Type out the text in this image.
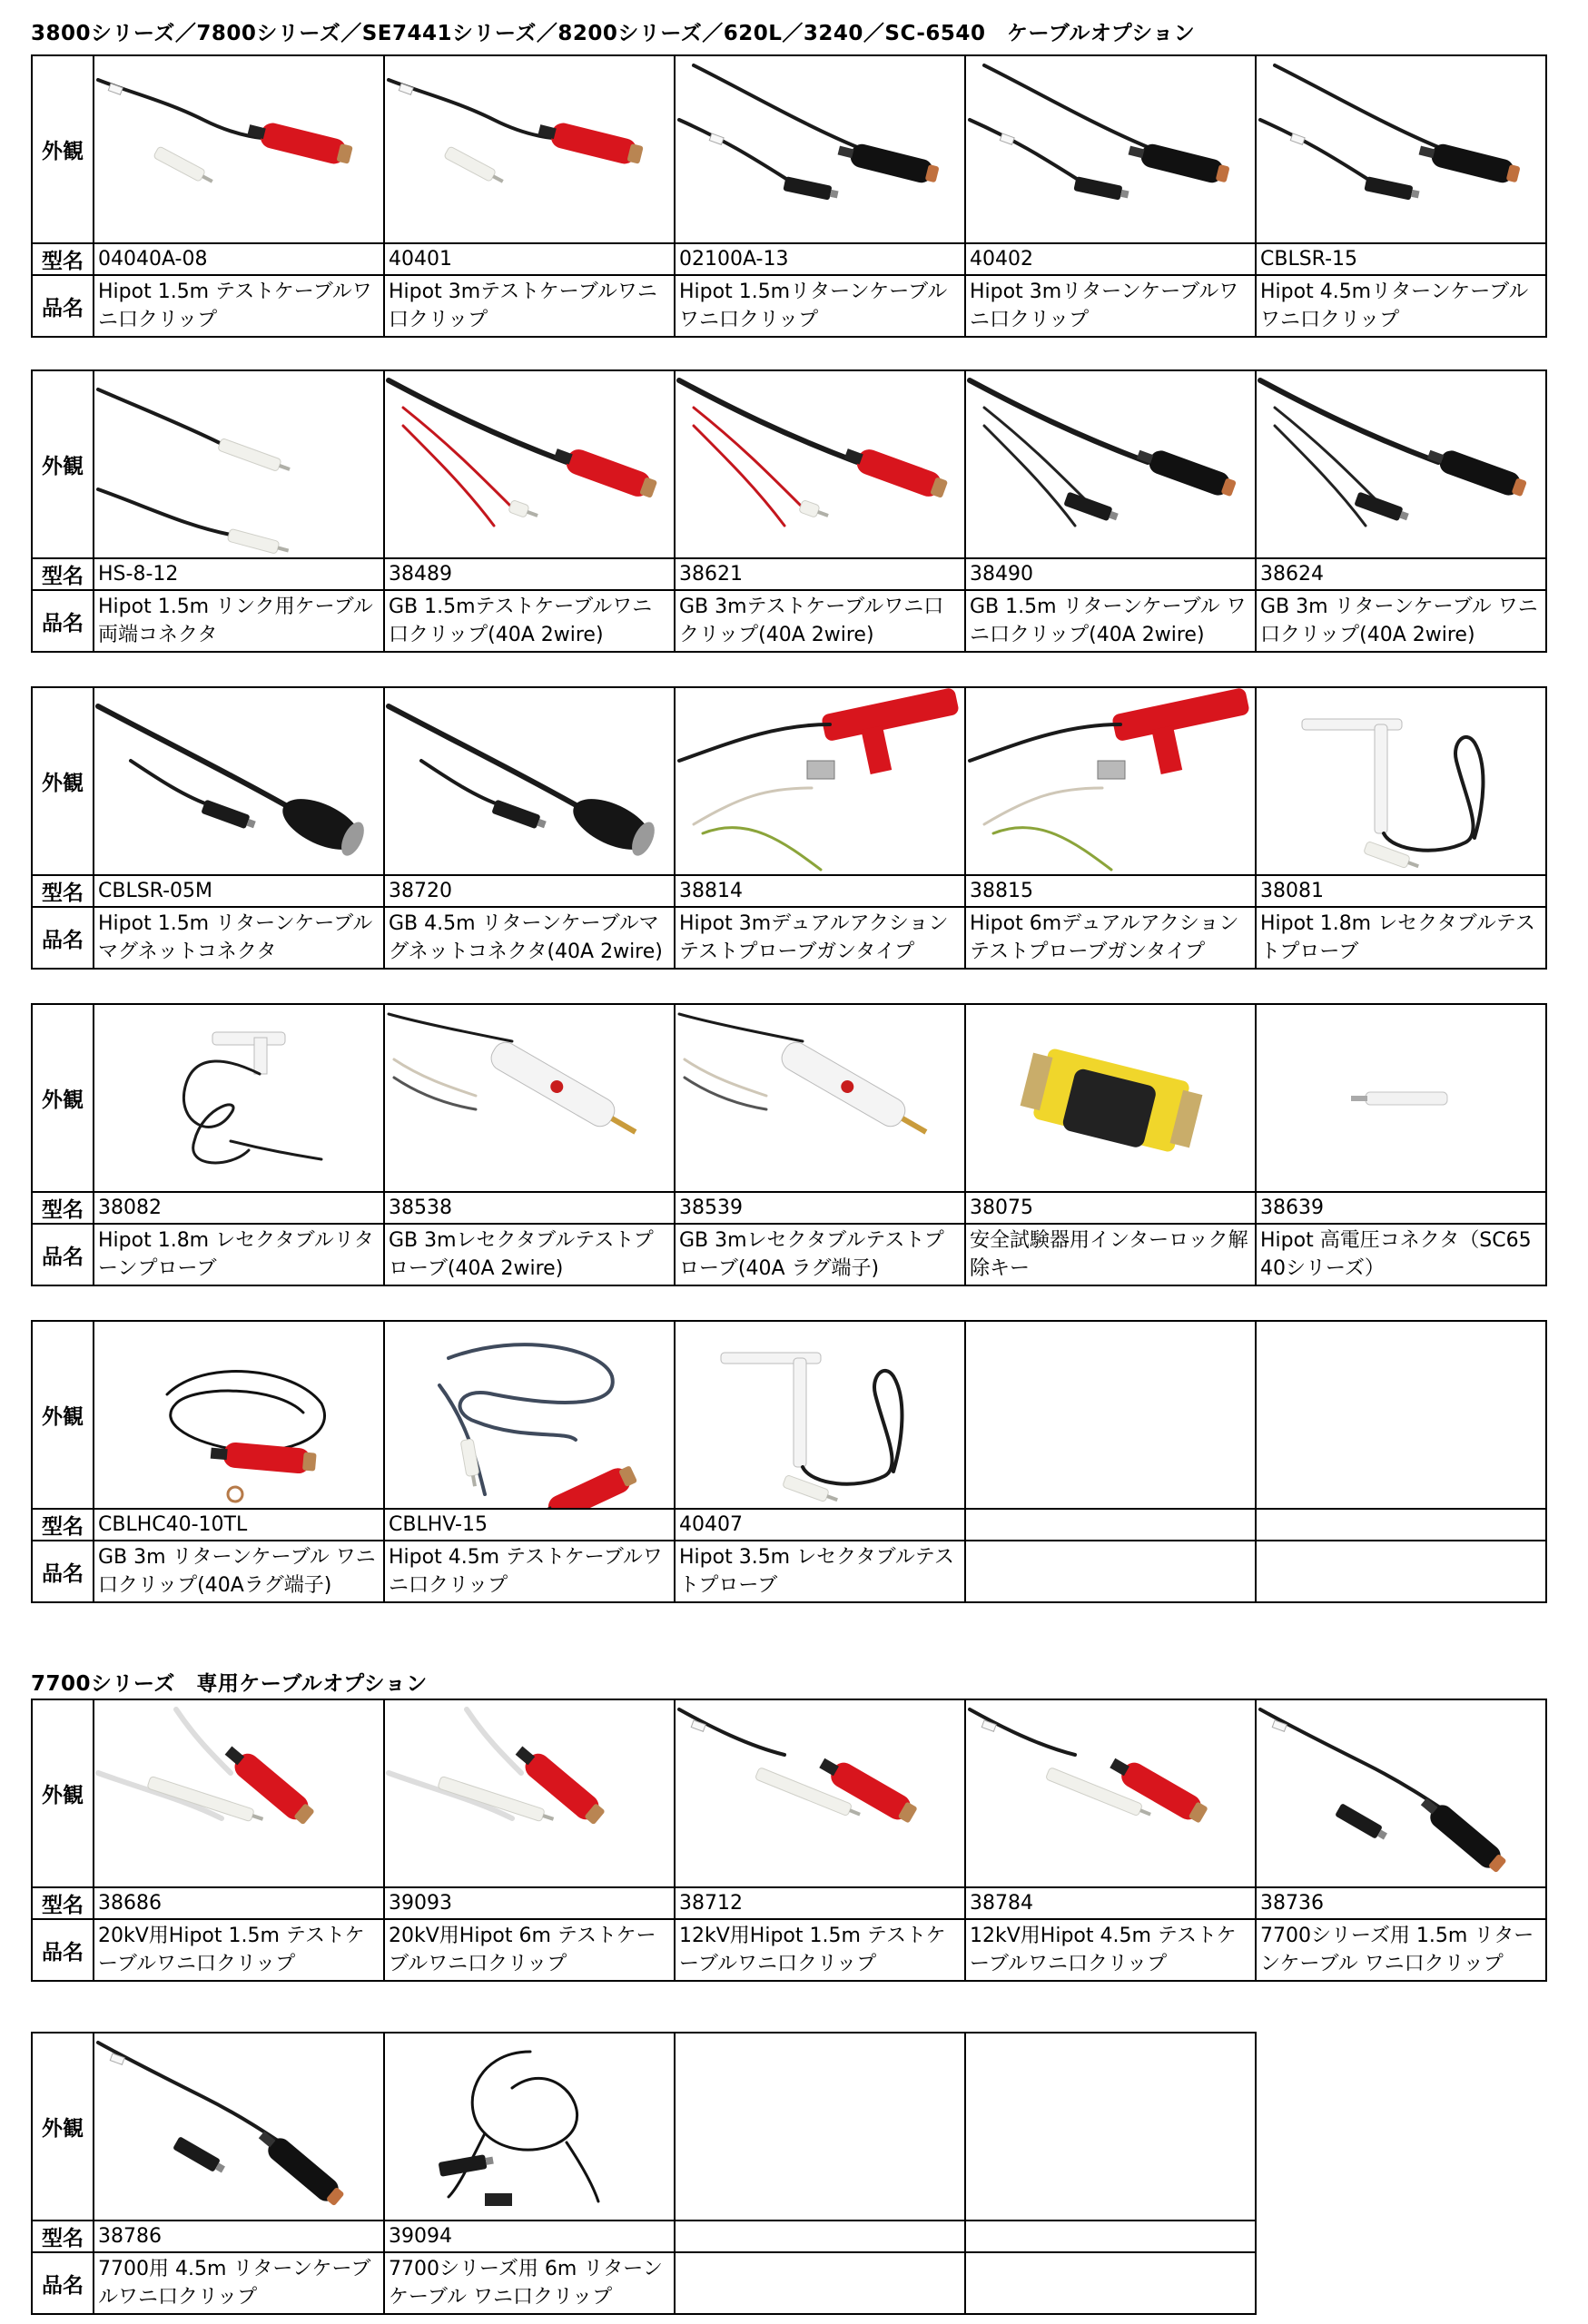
3800シリーズ／7800シリーズ／SE7441シリーズ／8200シリーズ／620L／3240／SC-6540　ケーブルオプション
7700シリーズ　専用ケーブルオプション
外観	

型名	04040A-08	40401	02100A-13	40402	CBLSR-15

品名	Hipot 1.5m テストケーブルワニ口クリップ	Hipot 3mテストケーブルワニ口クリップ	Hipot 1.5mリターンケーブルワニ口クリップ	Hipot 3mリターンケーブルワニ口クリップ	Hipot 4.5mリターンケーブルワニ口クリップ
外観	

型名	HS-8-12	38489	38621	38490	38624

品名	Hipot 1.5m リンク用ケーブル両端コネクタ	GB 1.5mテストケーブルワニ口クリップ(40A 2wire)	GB 3mテストケーブルワニ口クリップ(40A 2wire)	GB 1.5m リターンケーブル ワニ口クリップ(40A 2wire)	GB 3m リターンケーブル ワニ口クリップ(40A 2wire)
外観	

型名	CBLSR-05M	38720	38814	38815	38081

品名	Hipot 1.5m リターンケーブルマグネットコネクタ	GB 4.5m リターンケーブルマグネットコネクタ(40A 2wire)	Hipot 3mデュアルアクションテストプローブガンタイプ	Hipot 6mデュアルアクションテストプローブガンタイプ	Hipot 1.8m レセクタブルテストプローブ
外観	

型名	38082	38538	38539	38075	38639

品名	Hipot 1.8m レセクタブルリターンプローブ	GB 3mレセクタブルテストプローブ(40A 2wire)	GB 3mレセクタブルテストプローブ(40A ラグ端子)	安全試験器用インターロック解除キー	Hipot 高電圧コネクタ（SC6540シリーズ）
外観	

型名	CBLHC40-10TL	CBLHV-15	40407		

品名	GB 3m リターンケーブル ワニ口クリップ(40Aラグ端子)	Hipot 4.5m テストケーブルワニ口クリップ	Hipot 3.5m レセクタブルテストプローブ		

外観	

型名	38686	39093	38712	38784	38736

品名	20kV用Hipot 1.5m テストケーブルワニ口クリップ	20kV用Hipot 6m テストケーブルワニ口クリップ	12kV用Hipot 1.5m テストケーブルワニ口クリップ	12kV用Hipot 4.5m テストケーブルワニ口クリップ	7700シリーズ用 1.5m リターンケーブル ワニ口クリップ
外観	

型名	38786	39094		

品名	7700用 4.5m リターンケーブルワニ口クリップ	7700シリーズ用 6m リターンケーブル ワニ口クリップ		
